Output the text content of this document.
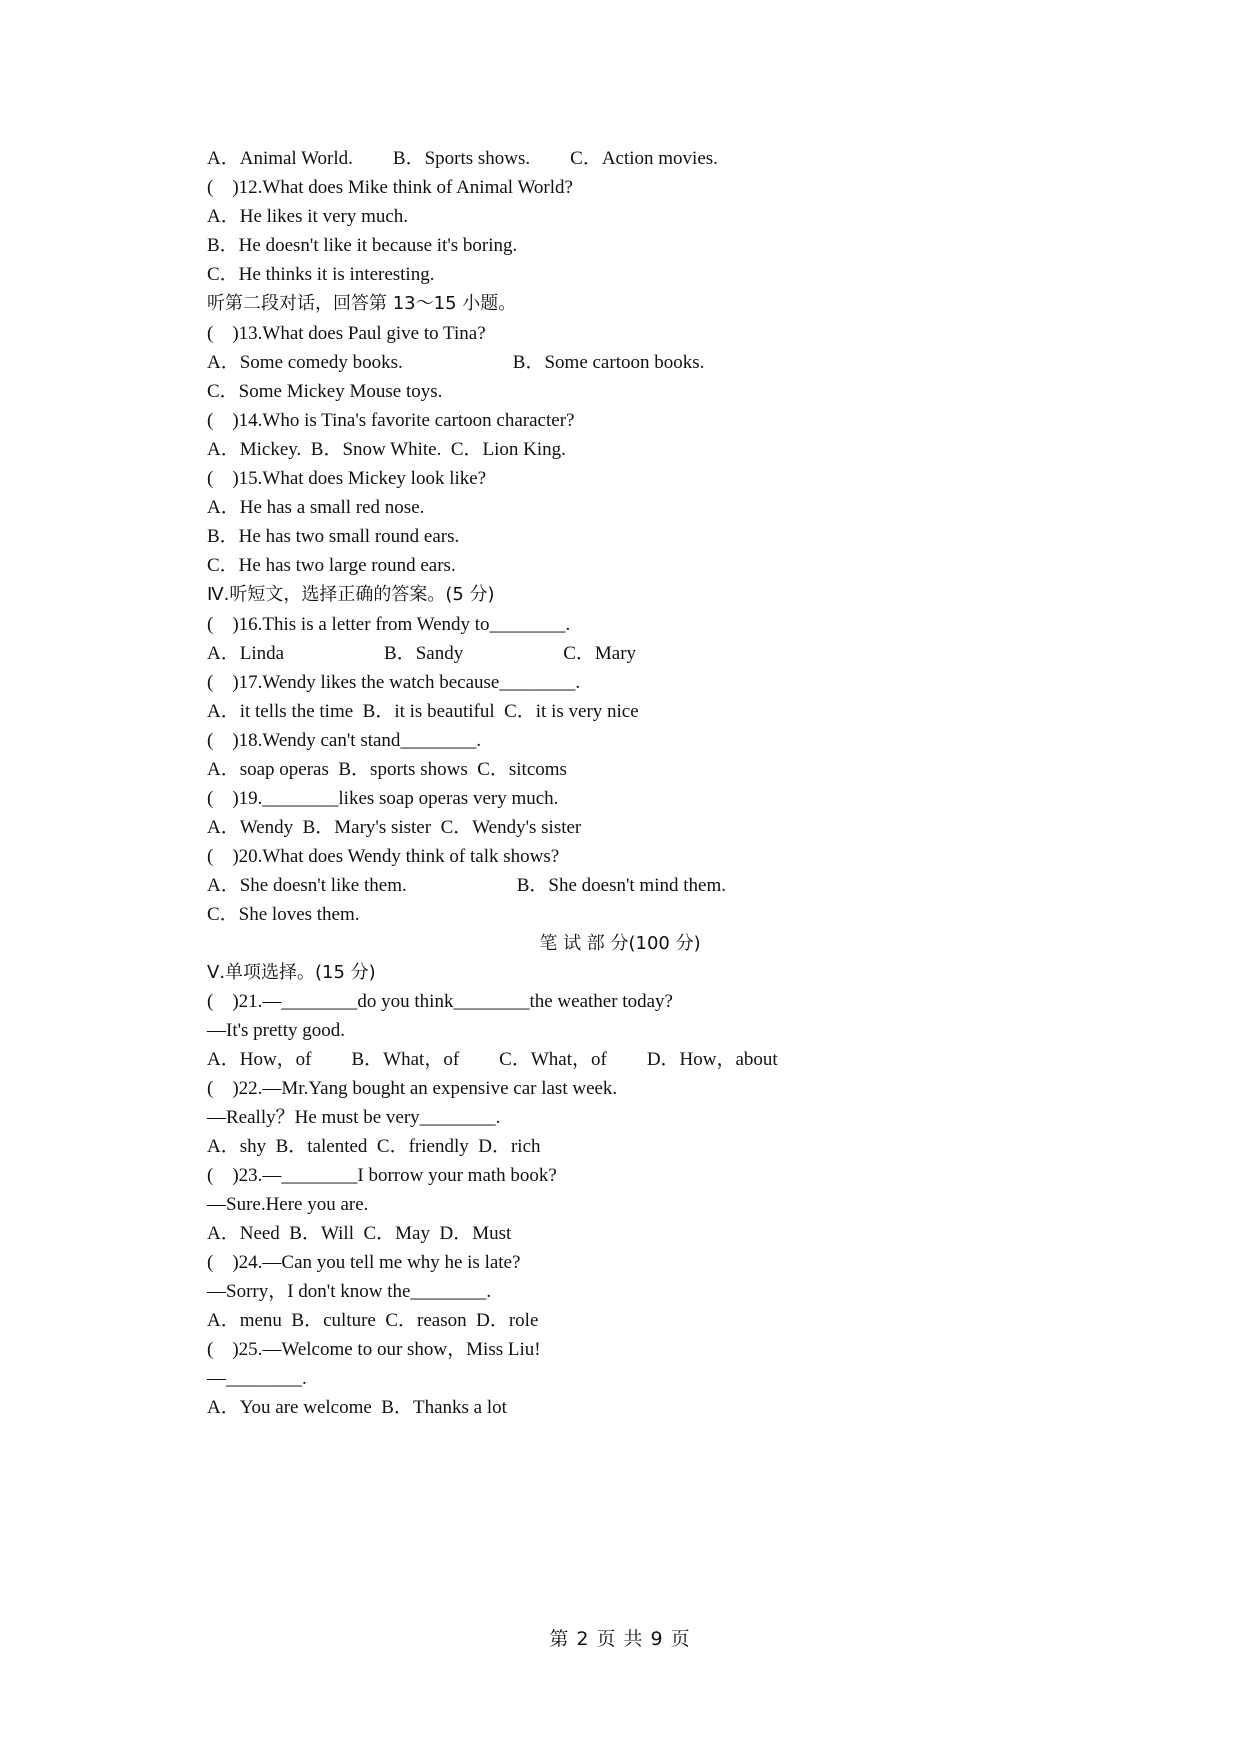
A．Animal World. B．Sports shows. C．Action movies.
(    )12.What does Mike think of Animal World?
A．He likes it very much.
B．He doesn't like it because it's boring.
C．He thinks it is interesting.
听第二段对话，回答第 13～15 小题。
(    )13.What does Paul give to Tina?
A．Some comedy books.	B．Some cartoon books.
C．Some Mickey Mouse toys.
(    )14.Who is Tina's favorite cartoon character?
A．Mickey.  B．Snow White.  C．Lion King.
(    )15.What does Mickey look like?
A．He has a small red nose.
B．He has two small round ears.
C．He has two large round ears.
Ⅳ.听短文，选择正确的答案。(5 分)
(    )16.This is a letter from Wendy to________.
A．Linda	B．Sandy	C．Mary
(    )17.Wendy likes the watch because________.
A．it tells the time  B．it is beautiful  C．it is very nice
(    )18.Wendy can't stand________.
A．soap operas  B．sports shows  C．sitcoms
(    )19.________likes soap operas very much.
A．Wendy  B．Mary's sister  C．Wendy's sister
(    )20.What does Wendy think of talk shows?
A．She doesn't like them.	B．She doesn't mind them.
C．She loves them.
笔 试 部 分(100 分)
Ⅴ.单项选择。(15 分)
(    )21.—________do you think________the weather today?
—It's pretty good.
A．How，of B．What，of C．What，of D．How，about
(    )22.—Mr.Yang bought an expensive car last week.
—Really？He must be very________.
A．shy  B．talented  C．friendly  D．rich
(    )23.—________I borrow your math book?
—Sure.Here you are.
A．Need  B．Will  C．May  D．Must
(    )24.—Can you tell me why he is late?
—Sorry，I don't know the________.
A．menu  B．culture  C．reason  D．role
(    )25.—Welcome to our show，Miss Liu!
—________.
A．You are welcome  B．Thanks a lot
第 2 页 共 9 页
